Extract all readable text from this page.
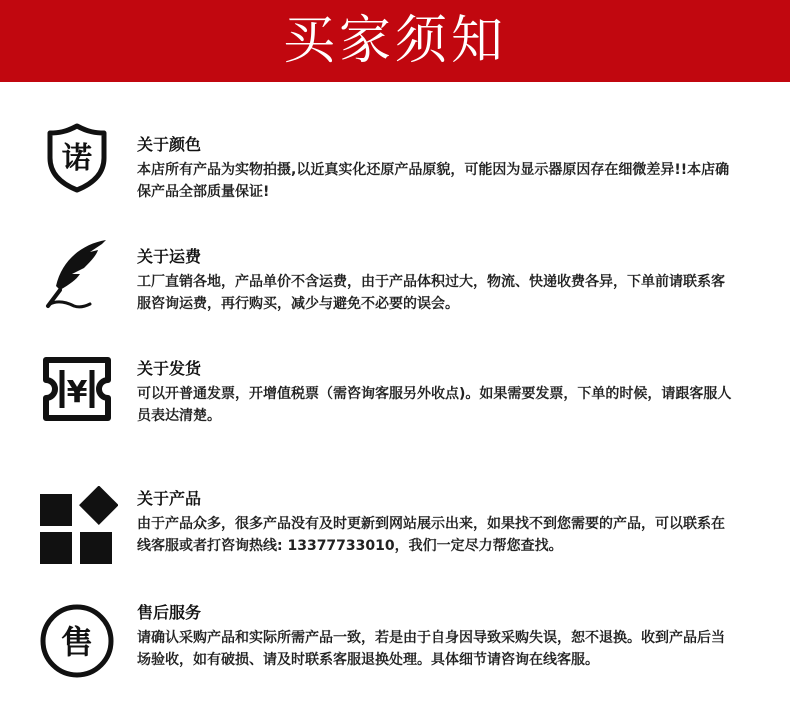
买家须知
诺	关于颜色
本店所有产品为实物拍摄,以近真实化还原产品原貌，可能因为显示器原因存在细微差异!!本店确保产品全部质量保证!
关于运费
工厂直销各地，产品单价不含运费，由于产品体积过大，物流、快递收费各异，下单前请联系客服咨询运费，再行购买，减少与避免不必要的误会。
¥
关于发货
可以开普通发票，开增值税票（需咨询客服另外收点)。如果需要发票，下单的时候，请跟客服人员表达清楚。
关于产品
由于产品众多，很多产品没有及时更新到网站展示出来，如果找不到您需要的产品，可以联系在线客服或者打咨询热线: 13377733010，我们一定尽力帮您查找。
售
售后服务
请确认采购产品和实际所需产品一致，若是由于自身因导致采购失误，恕不退换。收到产品后当场验收，如有破损、请及时联系客服退换处理。具体细节请咨询在线客服。
